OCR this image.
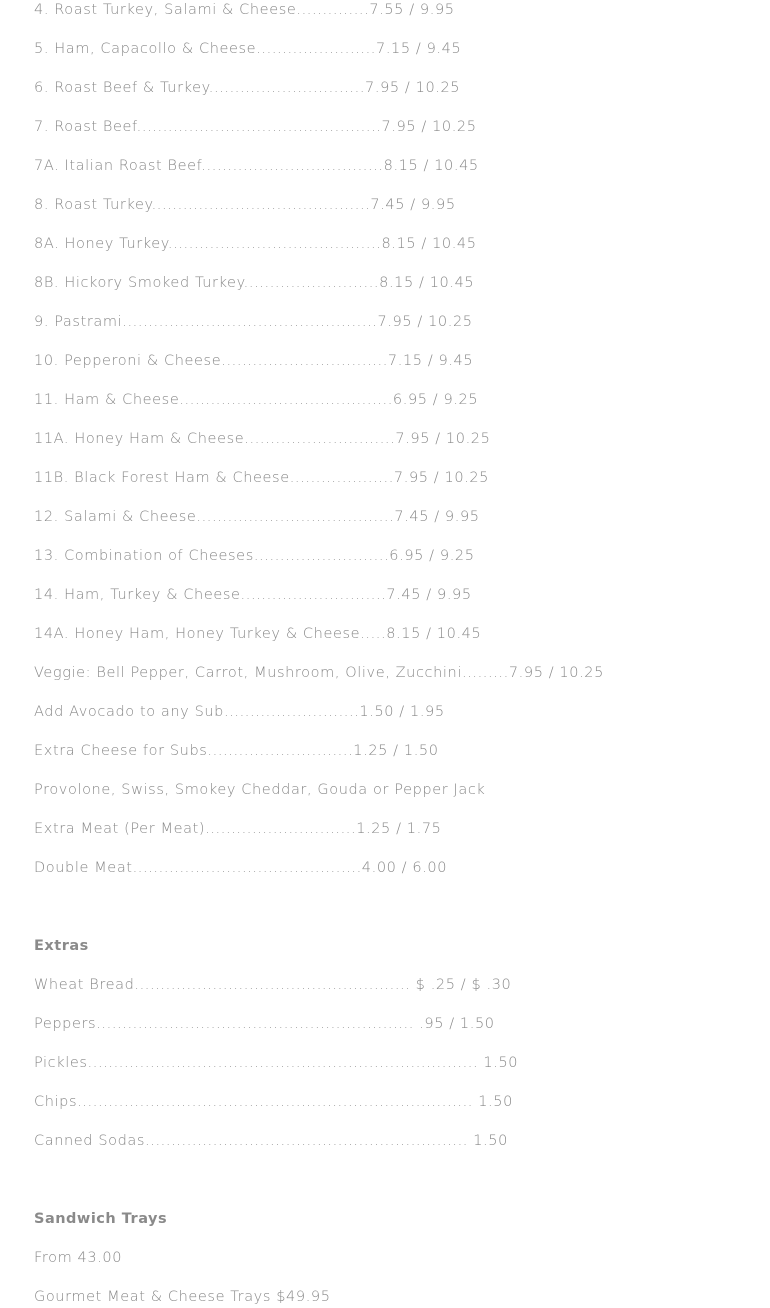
4. Roast Turkey, Salami & Cheese..............7.55 / 9.95
5. Ham, Capacollo & Cheese.......................7.15 / 9.45
6. Roast Beef & Turkey..............................7.95 / 10.25
7. Roast Beef...............................................7.95 / 10.25
7A. Italian Roast Beef...................................8.15 / 10.45
8. Roast Turkey..........................................7.45 / 9.95
8A. Honey Turkey.........................................8.15 / 10.45
8B. Hickory Smoked Turkey..........................8.15 / 10.45
9. Pastrami.................................................7.95 / 10.25
10. Pepperoni & Cheese................................7.15 / 9.45
11. Ham & Cheese.........................................6.95 / 9.25
11A. Honey Ham & Cheese.............................7.95 / 10.25
11B. Black Forest Ham & Cheese....................7.95 / 10.25
12. Salami & Cheese......................................7.45 / 9.95
13. Combination of Cheeses..........................6.95 / 9.25
14. Ham, Turkey & Cheese............................7.45 / 9.95
14A. Honey Ham, Honey Turkey & Cheese.....8.15 / 10.45
Veggie: Bell Pepper, Carrot, Mushroom, Olive, Zucchini.........7.95 / 10.25
Add Avocado to any Sub..........................1.50 / 1.95
Extra Cheese for Subs............................1.25 / 1.50
Provolone, Swiss, Smokey Cheddar, Gouda or Pepper Jack
Extra Meat (Per Meat).............................1.25 / 1.75
Double Meat............................................4.00 / 6.00
Extras
Wheat Bread..................................................... $ .25 / $ .30
Peppers............................................................. .95 / 1.50
Pickles........................................................................... 1.50
Chips............................................................................ 1.50
Canned Sodas.............................................................. 1.50
Sandwich Trays
From 43.00
Gourmet Meat & Cheese Trays $49.95
